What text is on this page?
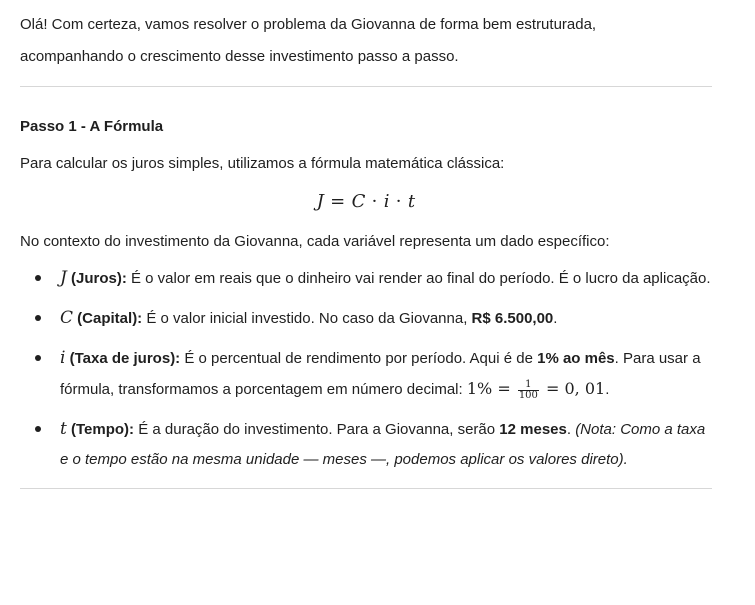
Olá! Com certeza, vamos resolver o problema da Giovanna de forma bem estruturada,
acompanhando o crescimento desse investimento passo a passo.

Passo 1 - A Fórmula

Para calcular os juros simples, utilizamos a fórmula matemática clássica:

J = C · i · t

No contexto do investimento da Giovanna, cada variável representa um dado específico:

J (Juros): É o valor em reais que o dinheiro vai render ao final do período. É o lucro da aplicação.
C (Capital): É o valor inicial investido. No caso da Giovanna, R$ 6.500,00.
i (Taxa de juros): É o percentual de rendimento por período. Aqui é de 1% ao mês. Para usar a fórmula, transformamos a porcentagem em número decimal: $1\% = \frac{1}{100} = 0$, 01.
t (Tempo): É a duração do investimento. Para a Giovanna, serão 12 meses. (Nota: Como a taxa e o tempo estão na mesma unidade — meses —, podemos aplicar os valores direto).
